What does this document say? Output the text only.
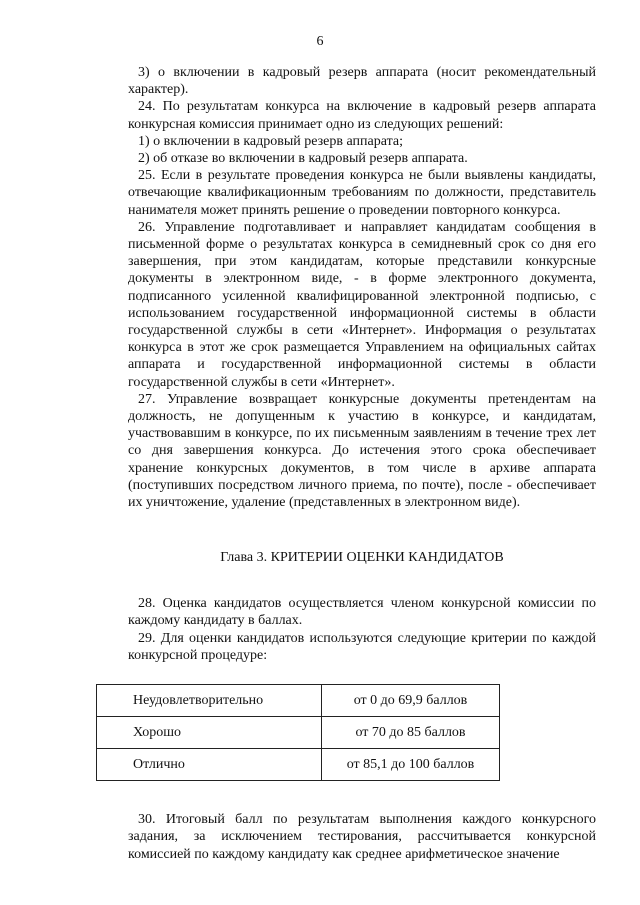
6

3) о включении в кадровый резерв аппарата (носит рекомендательный характер).

24. По результатам конкурса на включение в кадровый резерв аппарата конкурсная комиссия принимает одно из следующих решений:

1) о включении в кадровый резерв аппарата;

2) об отказе во включении в кадровый резерв аппарата.

25. Если в результате проведения конкурса не были выявлены кандидаты, отвечающие квалификационным требованиям по должности, представитель нанимателя может принять решение о проведении повторного конкурса.

26. Управление подготавливает и направляет кандидатам сообщения в письменной форме о результатах конкурса в семидневный срок со дня его завершения, при этом кандидатам, которые представили конкурсные документы в электронном виде, - в форме электронного документа, подписанного усиленной квалифицированной электронной подписью, с использованием государственной информационной системы в области государственной службы в сети «Интернет». Информация о результатах конкурса в этот же срок размещается Управлением на официальных сайтах аппарата и государственной информационной системы в области государственной службы в сети «Интернет».

27. Управление возвращает конкурсные документы претендентам на должность, не допущенным к участию в конкурсе, и кандидатам, участвовавшим в конкурсе, по их письменным заявлениям в течение трех лет со дня завершения конкурса. До истечения этого срока обеспечивает хранение конкурсных документов, в том числе в архиве аппарата (поступивших посредством личного приема, по почте), после - обеспечивает их уничтожение, удаление (представленных в электронном виде).

Глава 3. КРИТЕРИИ ОЦЕНКИ КАНДИДАТОВ

28. Оценка кандидатов осуществляется членом конкурсной комиссии по каждому кандидату в баллах.

29. Для оценки кандидатов используются следующие критерии по каждой конкурсной процедуре:

Неудовлетворительно	от 0 до 69,9 баллов
Хорошо	от 70 до 85 баллов
Отлично	от 85,1 до 100 баллов

30. Итоговый балл по результатам выполнения каждого конкурсного задания, за исключением тестирования, рассчитывается конкурсной комиссией по каждому кандидату как среднее арифметическое значение
